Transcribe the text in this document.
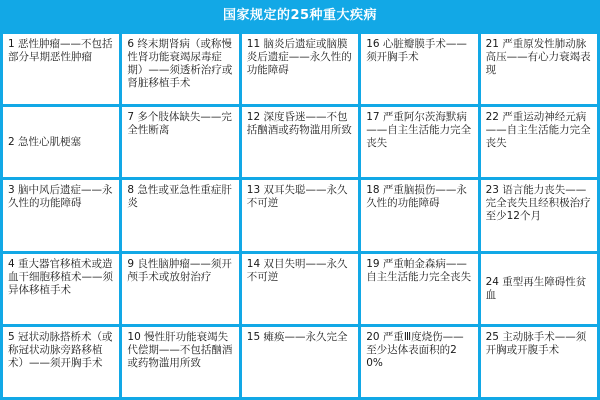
国家规定的25种重大疾病
1 恶性肿瘤——不包括部分早期恶性肿瘤
6 终末期肾病（或称慢性肾功能衰竭尿毒症期）——须透析治疗或肾脏移植手术
11 脑炎后遗症或脑膜炎后遗症——永久性的功能障碍
16 心脏瓣膜手术——须开胸手术
21 严重原发性肺动脉高压——有心力衰竭表现
2 急性心肌梗塞
7 多个肢体缺失——完全性断离
12 深度昏迷——不包括酗酒或药物滥用所致
17 严重阿尔茨海默病——自主生活能力完全丧失
22 严重运动神经元病——自主生活能力完全丧失
3 脑中风后遗症——永久性的功能障碍
8 急性或亚急性重症肝炎
13 双耳失聪——永久不可逆
18 严重脑损伤——永久性的功能障碍
23 语言能力丧失——完全丧失且经积极治疗至少12个月
4 重大器官移植术或造血干细胞移植术——须异体移植手术
9 良性脑肿瘤——须开颅手术或放射治疗
14 双目失明——永久不可逆
19 严重帕金森病——自主生活能力完全丧失	24 重型再生障碍性贫血
5 冠状动脉搭桥术（或称冠状动脉旁路移植术）——须开胸手术
10 慢性肝功能衰竭失代偿期——不包括酗酒或药物滥用所致
15 瘫痪——永久完全	20 严重Ⅲ度烧伤——至少达体表面积的20%
25 主动脉手术——须开胸或开腹手术
